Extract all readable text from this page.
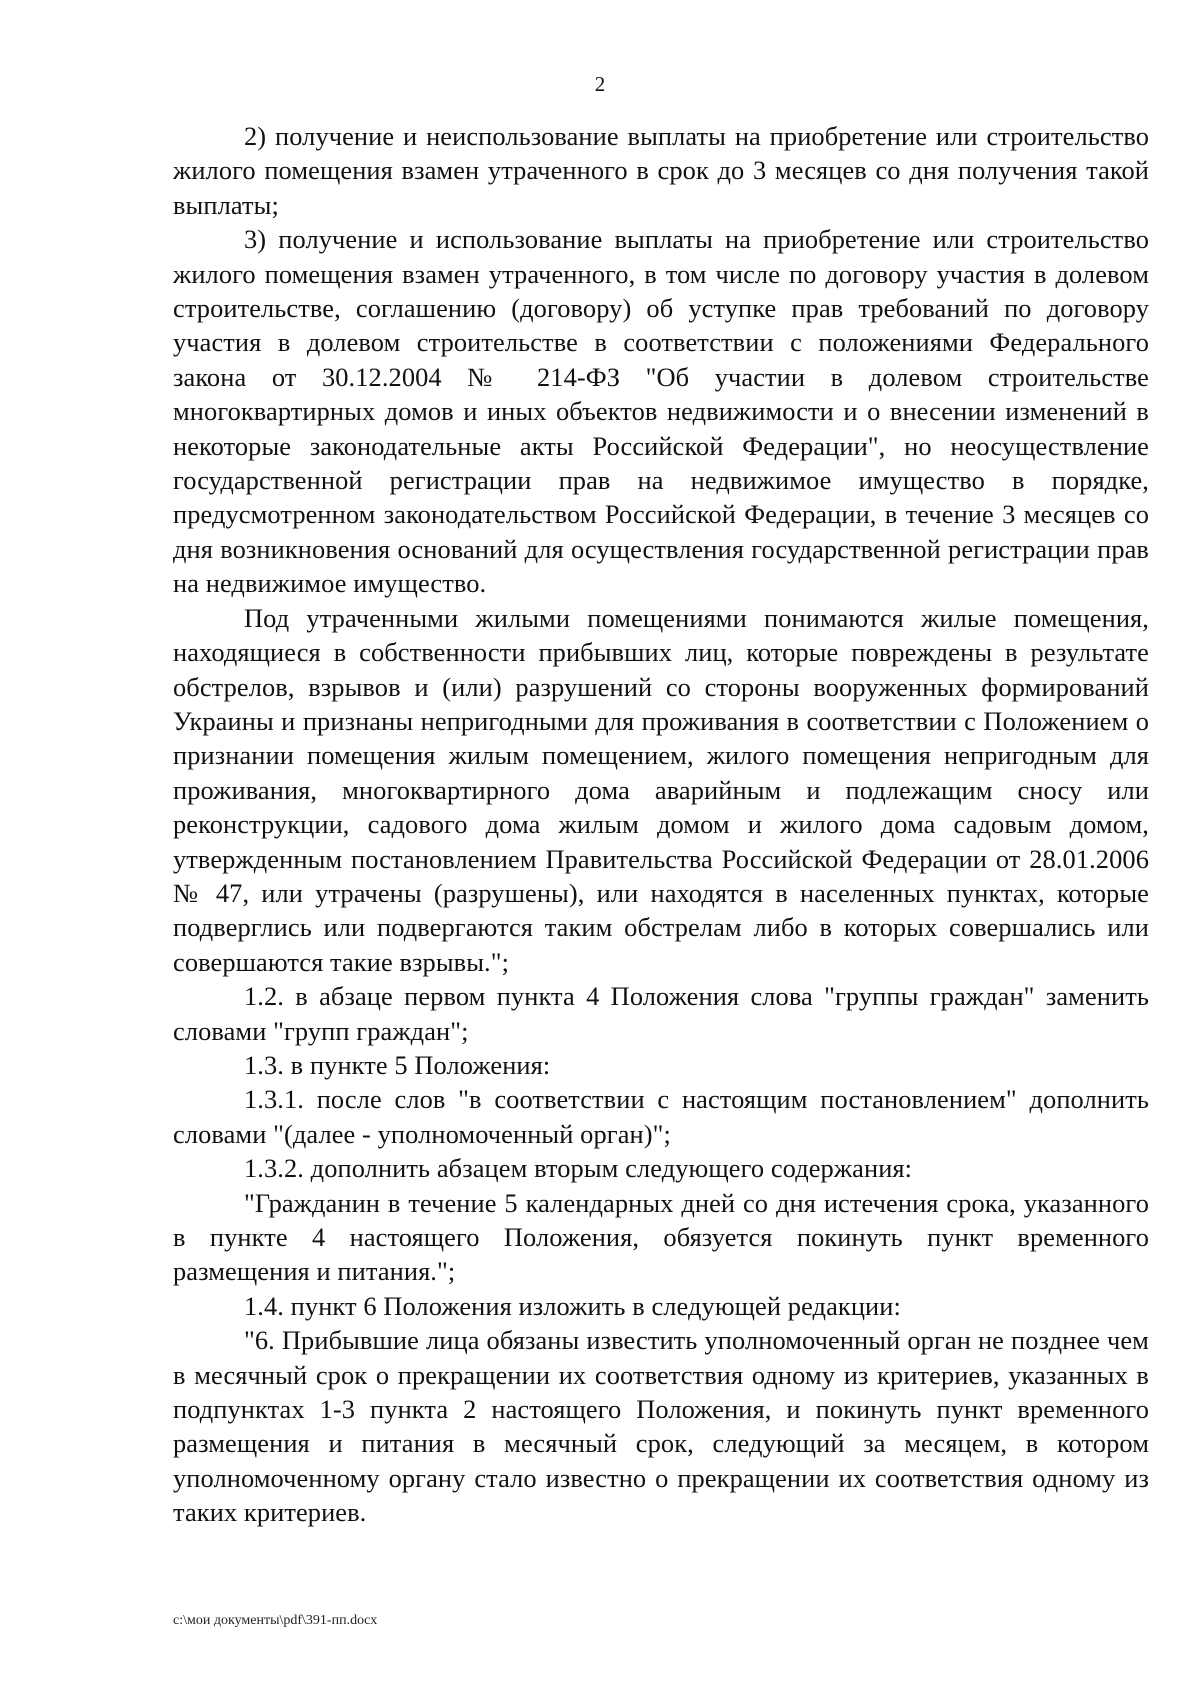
2

2) получение и неиспользование выплаты на приобретение или строительство жилого помещения взамен утраченного в срок до 3 месяцев со дня получения такой выплаты;

3) получение и использование выплаты на приобретение или строительство жилого помещения взамен утраченного, в том числе по договору участия в долевом строительстве, соглашению (договору) об уступке прав требований по договору участия в долевом строительстве в соответствии с положениями Федерального закона от 30.12.2004 № 214-ФЗ "Об участии в долевом строительстве многоквартирных домов и иных объектов недвижимости и о внесении изменений в некоторые законодательные акты Российской Федерации", но неосуществление государственной регистрации прав на недвижимое имущество в порядке, предусмотренном законодательством Российской Федерации, в течение 3 месяцев со дня возникновения оснований для осуществления государственной регистрации прав на недвижимое имущество.

Под утраченными жилыми помещениями понимаются жилые помещения, находящиеся в собственности прибывших лиц, которые повреждены в результате обстрелов, взрывов и (или) разрушений со стороны вооруженных формирований Украины и признаны непригодными для проживания в соответствии с Положением о признании помещения жилым помещением, жилого помещения непригодным для проживания, многоквартирного дома аварийным и подлежащим сносу или реконструкции, садового дома жилым домом и жилого дома садовым домом, утвержденным постановлением Правительства Российской Федерации от 28.01.2006 № 47, или утрачены (разрушены), или находятся в населенных пунктах, которые подверглись или подвергаются таким обстрелам либо в которых совершались или совершаются такие взрывы.";

1.2. в абзаце первом пункта 4 Положения слова "группы граждан" заменить словами "групп граждан";

1.3. в пункте 5 Положения:

1.3.1. после слов "в соответствии с настоящим постановлением" дополнить словами "(далее - уполномоченный орган)";

1.3.2. дополнить абзацем вторым следующего содержания:

"Гражданин в течение 5 календарных дней со дня истечения срока, указанного в пункте 4 настоящего Положения, обязуется покинуть пункт временного размещения и питания.";

1.4. пункт 6 Положения изложить в следующей редакции:

"6. Прибывшие лица обязаны известить уполномоченный орган не позднее чем в месячный срок о прекращении их соответствия одному из критериев, указанных в подпунктах 1-3 пункта 2 настоящего Положения, и покинуть пункт временного размещения и питания в месячный срок, следующий за месяцем, в котором уполномоченному органу стало известно о прекращении их соответствия одному из таких критериев.

c:\мои документы\pdf\391-пп.docx
